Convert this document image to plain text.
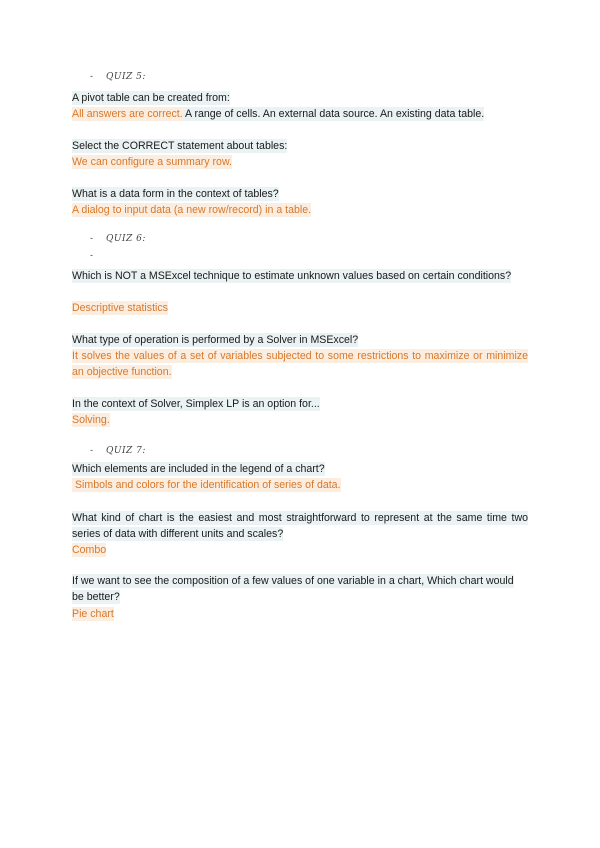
- QUIZ 5:
A pivot table can be created from:
All answers are correct. A range of cells. An external data source. An existing data table.
Select the CORRECT statement about tables:
We can configure a summary row.
What is a data form in the context of tables?
A dialog to input data (a new row/record) in a table.
- QUIZ 6:
-
Which is NOT a MSExcel technique to estimate unknown values based on certain conditions?
Descriptive statistics
What type of operation is performed by a Solver in MSExcel?
It solves the values of a set of variables subjected to some restrictions to maximize or minimize an objective function.
In the context of Solver, Simplex LP is an option for...
Solving.
- QUIZ 7:
Which elements are included in the legend of a chart?
Simbols and colors for the identification of series of data.
What kind of chart is the easiest and most straightforward to represent at the same time two series of data with different units and scales?
Combo
If we want to see the composition of a few values of one variable in a chart, Which chart would be better?
Pie chart
